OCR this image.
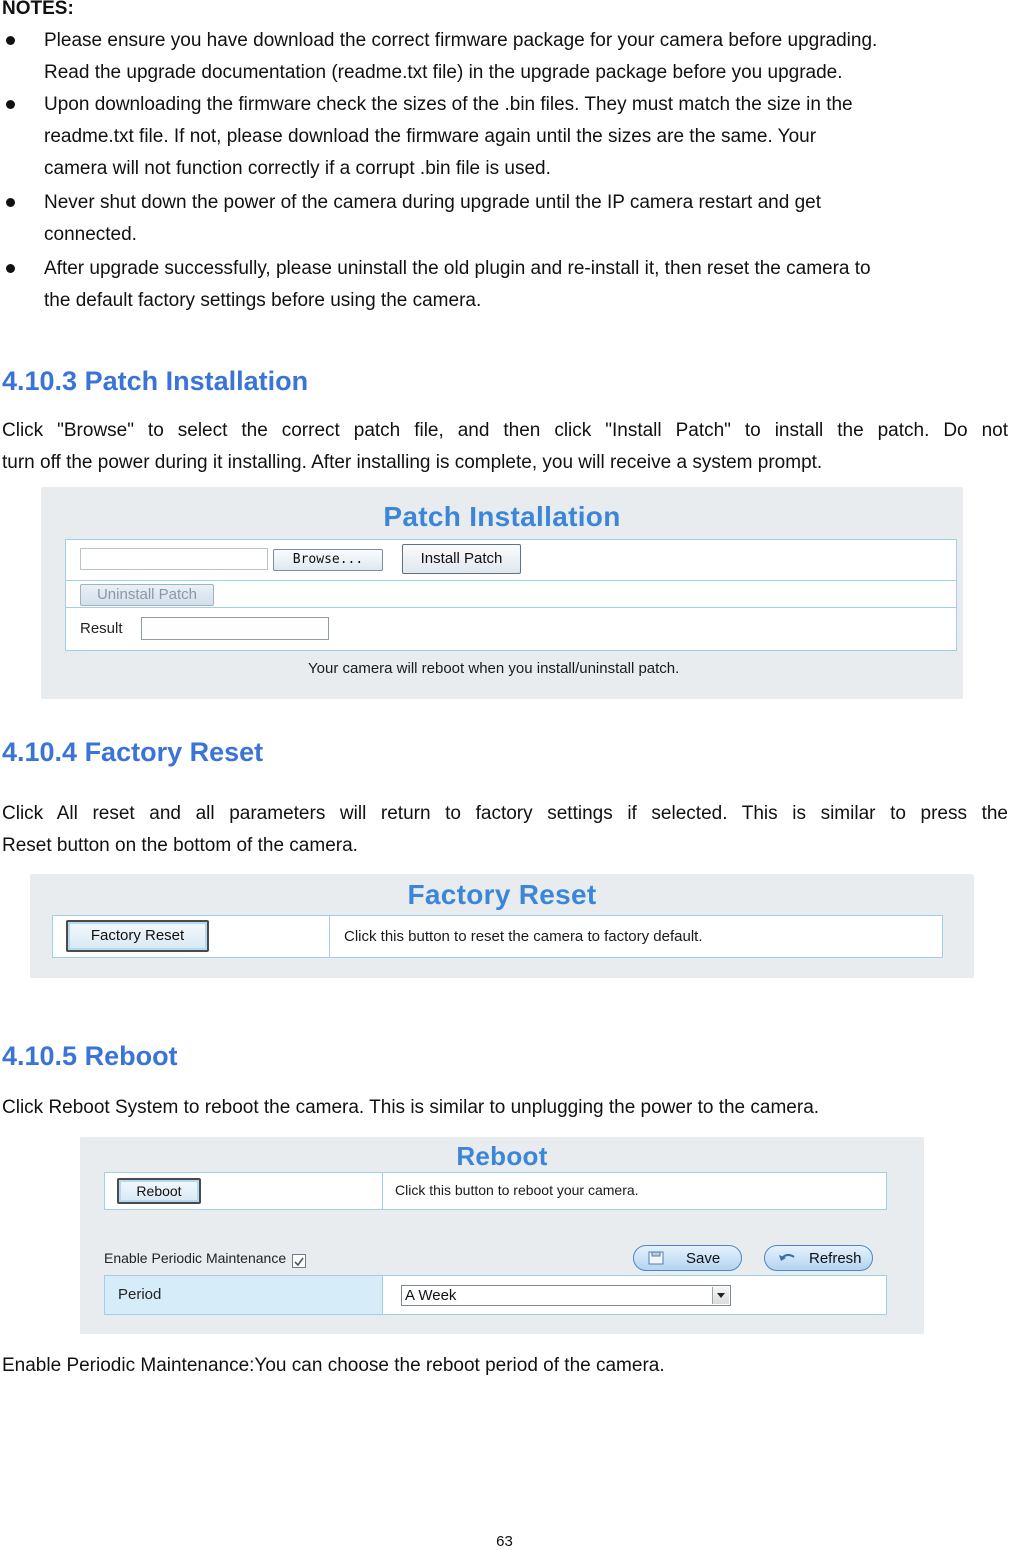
NOTES:
Please ensure you have download the correct firmware package for your camera before upgrading.
Read the upgrade documentation (readme.txt file) in the upgrade package before you upgrade.
Upon downloading the firmware check the sizes of the .bin files. They must match the size in the
readme.txt file. If not, please download the firmware again until the sizes are the same. Your
camera will not function correctly if a corrupt .bin file is used.
Never shut down the power of the camera during upgrade until the IP camera restart and get
connected.
After upgrade successfully, please uninstall the old plugin and re-install it, then reset the camera to
the default factory settings before using the camera.
4.10.3 Patch Installation
Click "Browse" to select the correct patch file, and then click "Install Patch" to install the patch. Do not
turn off the power during it installing. After installing is complete, you will receive a system prompt.
Patch Installation
Browse...	Install Patch
Uninstall Patch
Result
Your camera will reboot when you install/uninstall patch.
4.10.4 Factory Reset
Click All reset and all parameters will return to factory settings if selected. This is similar to press the
Reset button on the bottom of the camera.
Factory Reset
Factory Reset	Click this button to reset the camera to factory default.
4.10.5 Reboot
Click Reboot System to reboot the camera. This is similar to unplugging the power to the camera.
Reboot
Reboot	Click this button to reboot your camera.
Enable Periodic Maintenance	Save	Refresh
Period	A Week
Enable Periodic Maintenance:You can choose the reboot period of the camera.
63
